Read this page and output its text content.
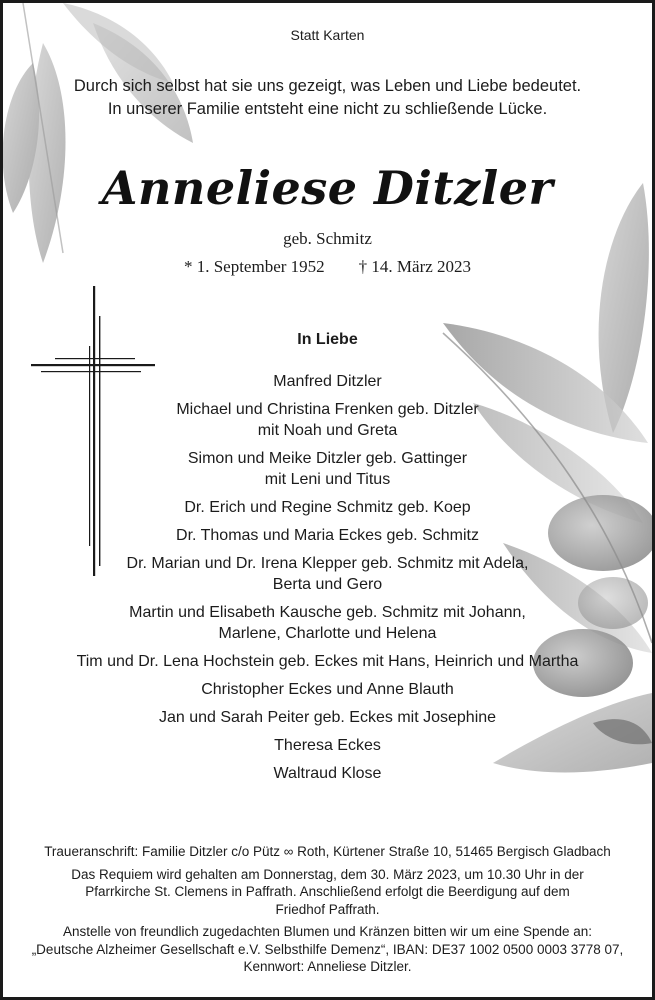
Statt Karten
Durch sich selbst hat sie uns gezeigt, was Leben und Liebe bedeutet.
In unserer Familie entsteht eine nicht zu schließende Lücke.
Anneliese Ditzler
geb. Schmitz
* 1. September 1952 † 14. März 2023
In Liebe
Manfred Ditzler
Michael und Christina Frenken geb. Ditzler
mit Noah und Greta
Simon und Meike Ditzler geb. Gattinger
mit Leni und Titus
Dr. Erich und Regine Schmitz geb. Koep
Dr. Thomas und Maria Eckes geb. Schmitz
Dr. Marian und Dr. Irena Klepper geb. Schmitz mit Adela,
Berta und Gero
Martin und Elisabeth Kausche geb. Schmitz mit Johann,
Marlene, Charlotte und Helena
Tim und Dr. Lena Hochstein geb. Eckes mit Hans, Heinrich und Martha
Christopher Eckes und Anne Blauth
Jan und Sarah Peiter geb. Eckes mit Josephine
Theresa Eckes
Waltraud Klose

Traueranschrift: Familie Ditzler c/o Pütz ∞ Roth, Kürtener Straße 10, 51465 Bergisch Gladbach

Das Requiem wird gehalten am Donnerstag, dem 30. März 2023, um 10.30 Uhr in der
Pfarrkirche St. Clemens in Paffrath. Anschließend erfolgt die Beerdigung auf dem
Friedhof Paffrath.

Anstelle von freundlich zugedachten Blumen und Kränzen bitten wir um eine Spende an:
„Deutsche Alzheimer Gesellschaft e.V. Selbsthilfe Demenz“, IBAN: DE37 1002 0500 0003 3778 07,
Kennwort: Anneliese Ditzler.
